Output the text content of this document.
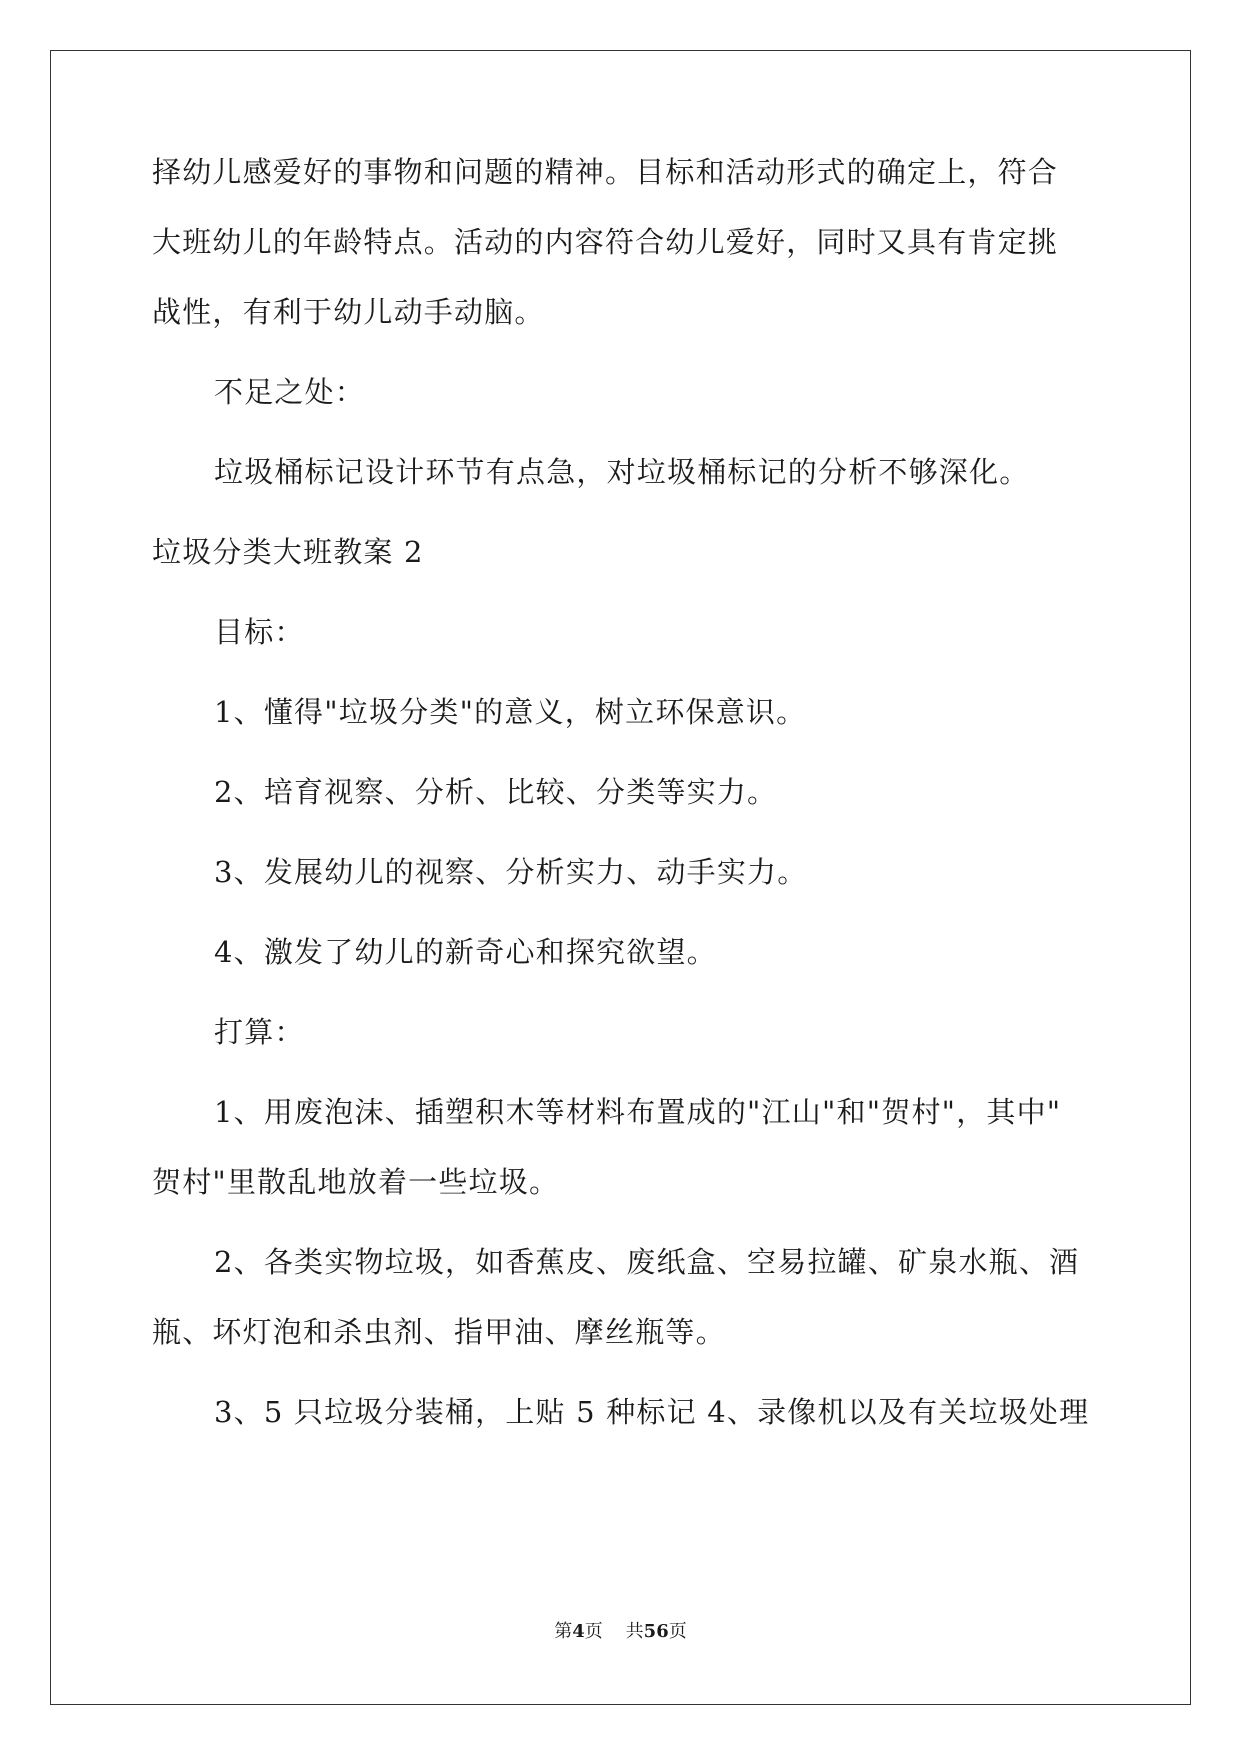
择幼儿感爱好的事物和问题的精神。目标和活动形式的确定上，符合
大班幼儿的年龄特点。活动的内容符合幼儿爱好，同时又具有肯定挑
战性，有利于幼儿动手动脑。
不足之处：
垃圾桶标记设计环节有点急，对垃圾桶标记的分析不够深化。
垃圾分类大班教案 2
目标：
1、懂得"垃圾分类"的意义，树立环保意识。
2、培育视察、分析、比较、分类等实力。
3、发展幼儿的视察、分析实力、动手实力。
4、激发了幼儿的新奇心和探究欲望。
打算：
1、用废泡沫、插塑积木等材料布置成的"江山"和"贺村"，其中"
贺村"里散乱地放着一些垃圾。
2、各类实物垃圾，如香蕉皮、废纸盒、空易拉罐、矿泉水瓶、酒
瓶、坏灯泡和杀虫剂、指甲油、摩丝瓶等。
3、5 只垃圾分装桶，上贴 5 种标记 4、录像机以及有关垃圾处理
第4页    共56页
